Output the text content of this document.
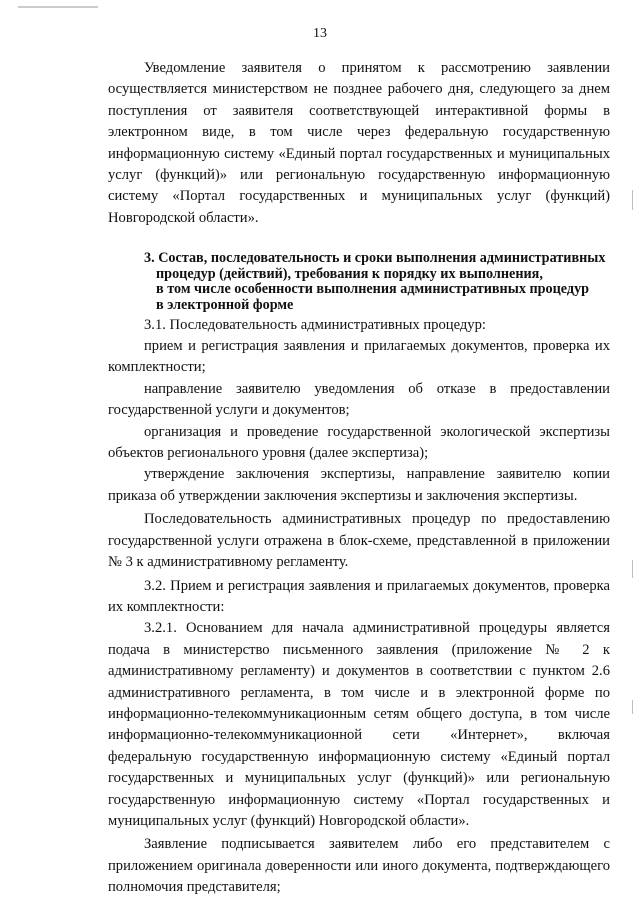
13

Уведомление заявителя о принятом к рассмотрению заявлении осуществляется министерством не позднее рабочего дня, следующего за днем поступления от заявителя соответствующей интерактивной формы в электронном виде, в том числе через федеральную государственную информационную систему «Единый портал государственных и муниципальных услуг (функций)» или региональную государственную информационную систему «Портал государственных и муниципальных услуг (функций) Новгородской области».

3. Состав, последовательность и сроки выполнения административных
процедур (действий), требования к порядку их выполнения,
в том числе особенности выполнения административных процедур
в электронной форме

3.1. Последовательность административных процедур:

прием и регистрация заявления и прилагаемых документов, проверка их комплектности;

направление заявителю уведомления об отказе в предоставлении государственной услуги и документов;

организация и проведение государственной экологической экспертизы объектов регионального уровня (далее экспертиза);

утверждение заключения экспертизы, направление заявителю копии приказа об утверждении заключения экспертизы и заключения экспертизы.

Последовательность административных процедур по предоставлению государственной услуги отражена в блок-схеме, представленной в приложении № 3 к административному регламенту.

3.2. Прием и регистрация заявления и прилагаемых документов, проверка их комплектности:

3.2.1. Основанием для начала административной процедуры является подача в министерство письменного заявления (приложение № 2 к административному регламенту) и документов в соответствии с пунктом 2.6 административного регламента, в том числе и в электронной форме по информационно-телекоммуникационным сетям общего доступа, в том числе информационно-телекоммуникационной сети «Интернет», включая федеральную государственную информационную систему «Единый портал государственных и муниципальных услуг (функций)» или региональную государственную информационную систему «Портал государственных и муниципальных услуг (функций) Новгородской области».

Заявление подписывается заявителем либо его представителем с приложением оригинала доверенности или иного документа, подтверждающего полномочия представителя;
